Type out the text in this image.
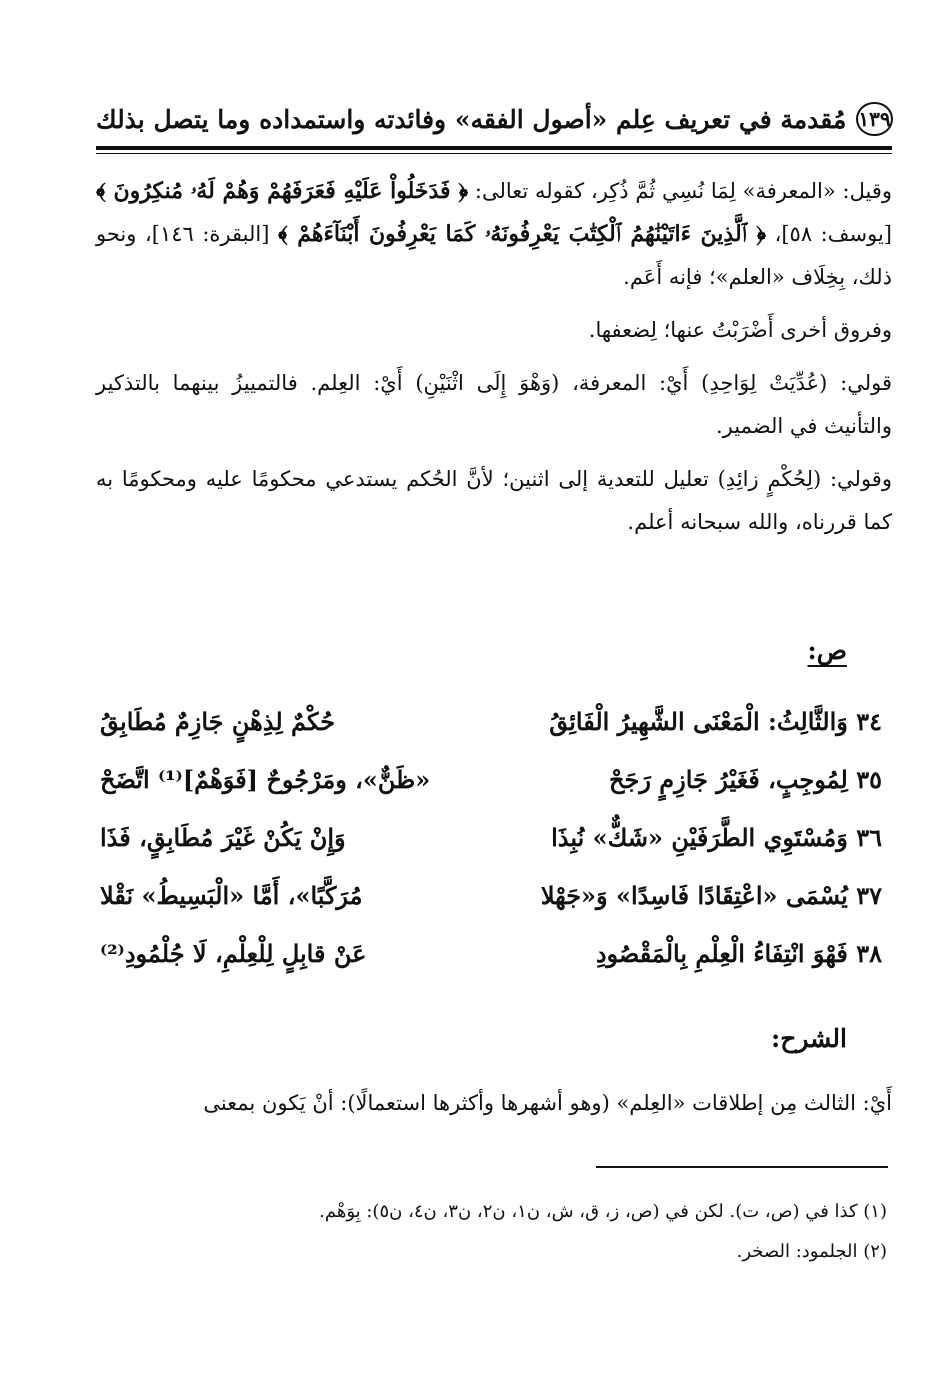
مُقدمة في تعريف عِلم «أصول الفقه» وفائدته واستمداده وما يتصل بذلك ١٣٩

وقيل: «المعرفة» لِمَا نُسِي ثُمَّ ذُكِر، كقوله تعالى: ﴿ فَدَخَلُواْ عَلَيْهِ فَعَرَفَهُمْ وَهُمْ لَهُۥ مُنكِرُونَ ﴾ [يوسف: ٥٨]، ﴿ ٱلَّذِينَ ءَاتَيْنَٰهُمُ ٱلْكِتَٰبَ يَعْرِفُونَهُۥ كَمَا يَعْرِفُونَ أَبْنَآءَهُمْ ﴾ [البقرة: ١٤٦]، ونحو ذلك، بِخِلَاف «العلم»؛ فإنه أَعَم.

وفروق أخرى أَضْرَبْتُ عنها؛ لِضعفها.

قولي: (عُدِّيَتْ لِوَاحِدِ) أَيْ: المعرفة، (وَهْوَ إِلَى اثْنَيْنِ) أَيْ: العِلم. فالتمييزُ بينهما بالتذكير والتأنيث في الضمير.

وقولي: (لِحُكْمٍ زائِدِ) تعليل للتعدية إلى اثنين؛ لأنَّ الحُكم يستدعي محكومًا عليه ومحكومًا به كما قررناه، والله سبحانه أعلم.

ص:
٣٤ وَالثَّالِثُ: الْمَعْنَى الشَّهِيرُ الْفَائِقُ
حُكْمٌ لِذِهْنٍ جَازِمٌ مُطَابِقُ
٣٥ لِمُوجِبٍ، فَغَيْرُ جَازِمٍ رَجَحْ
«ظَنٌّ»، ومَرْجُوحٌ [فَوَهْمٌ]⁽¹⁾ اتَّضَحْ
٣٦ وَمُسْتَوِي الطَّرَفَيْنِ «شَكٌّ» نُبِذَا
وَإِنْ يَكُنْ غَيْرَ مُطَابِقٍ، فَذَا
٣٧ يُسْمَى «اعْتِقَادًا فَاسِدًا» وَ«جَهْلا
مُرَكَّبًا»، أَمَّا «الْبَسِيطُ» نَقْلا
٣٨ فَهْوَ انْتِفَاءُ الْعِلْمِ بِالْمَقْصُودِ
عَنْ قابِلٍ لِلْعِلْمِ، لَا جُلْمُودِ⁽²⁾
الشرح:

أَيْ: الثالث مِن إطلاقات «العِلم» (وهو أشهرها وأكثرها استعمالًا): أنْ يَكون بمعنى

(١) كذا في (ص، ت). لكن في (ص، ز، ق، ش، ن١، ن٢، ن٣، ن٤، ن٥): بِوَهْم.

(٢) الجلمود: الصخر.
